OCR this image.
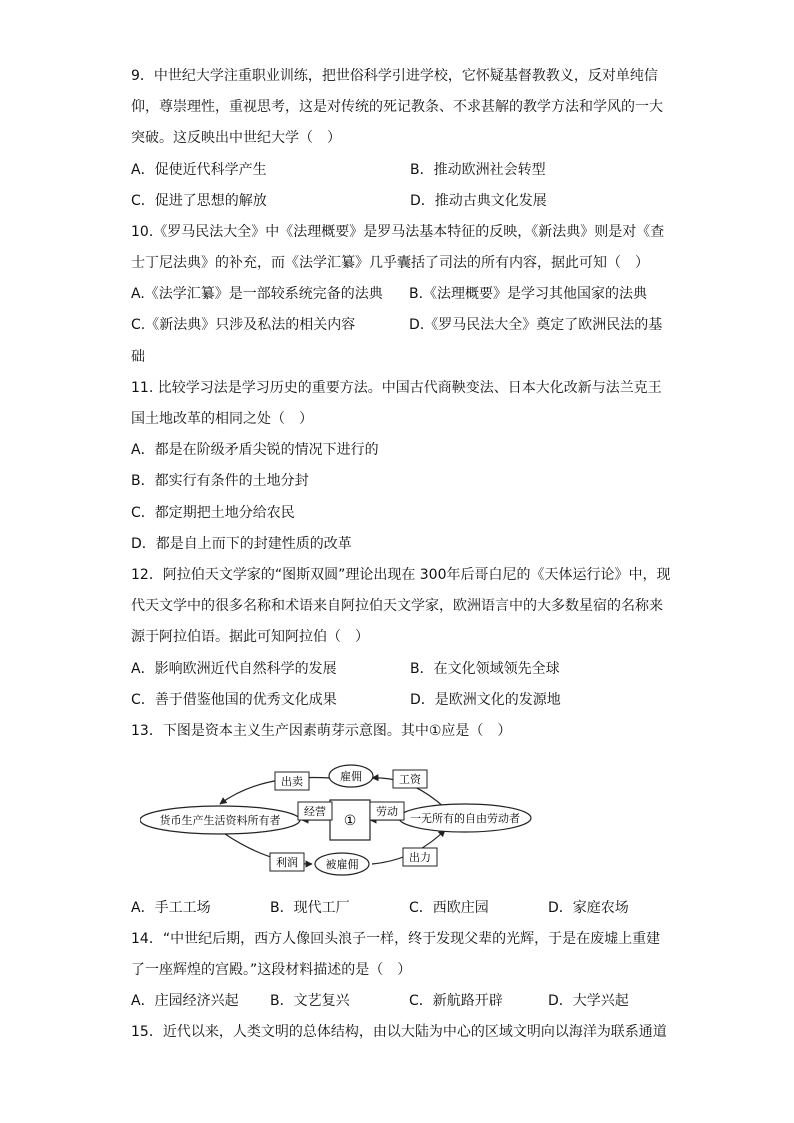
9．中世纪大学注重职业训练，把世俗科学引进学校，它怀疑基督教教义，反对单纯信
仰，尊崇理性，重视思考，这是对传统的死记教条、不求甚解的教学方法和学风的一大
突破。这反映出中世纪大学（　）
A．促使近代科学产生	B．推动欧洲社会转型
C．促进了思想的解放	D．推动古典文化发展
10.《罗马民法大全》中《法理概要》是罗马法基本特征的反映，《新法典》则是对《查
士丁尼法典》的补充，而《法学汇纂》几乎囊括了司法的所有内容，据此可知（　）
A.《法学汇纂》是一部较系统完备的法典 B.《法理概要》是学习其他国家的法典
C.《新法典》只涉及私法的相关内容	D.《罗马民法大全》奠定了欧洲民法的基
础
11. 比较学习法是学习历史的重要方法。中国古代商鞅变法、日本大化改新与法兰克王
国土地改革的相同之处（　）
A．都是在阶级矛盾尖锐的情况下进行的
B．都实行有条件的土地分封
C．都定期把土地分给农民
D．都是自上而下的封建性质的改革
12．阿拉伯天文学家的“图斯双圆”理论出现在 300年后哥白尼的《天体运行论》中，现
代天文学中的很多名称和术语来自阿拉伯天文学家，欧洲语言中的大多数星宿的名称来
源于阿拉伯语。据此可知阿拉伯（　）
A．影响欧洲近代自然科学的发展	B．在文化领域领先全球
C．善于借鉴他国的优秀文化成果	D．是欧洲文化的发源地
13．下图是资本主义生产因素萌芽示意图。其中①应是（　）
雇佣
被雇佣
货币生产生活资料所有者	一无所有的自由劳动者
①
出卖	工资
经营	劳动
利润	出力
A．手工工场	B．现代工厂	C．西欧庄园	D．家庭农场
14．“中世纪后期，西方人像回头浪子一样，终于发现父辈的光辉，于是在废墟上重建
了一座辉煌的宫殿。”这段材料描述的是（　）
A．庄园经济兴起 B．文艺复兴	C．新航路开辟	D．大学兴起
15．近代以来，人类文明的总体结构，由以大陆为中心的区域文明向以海洋为联系通道
